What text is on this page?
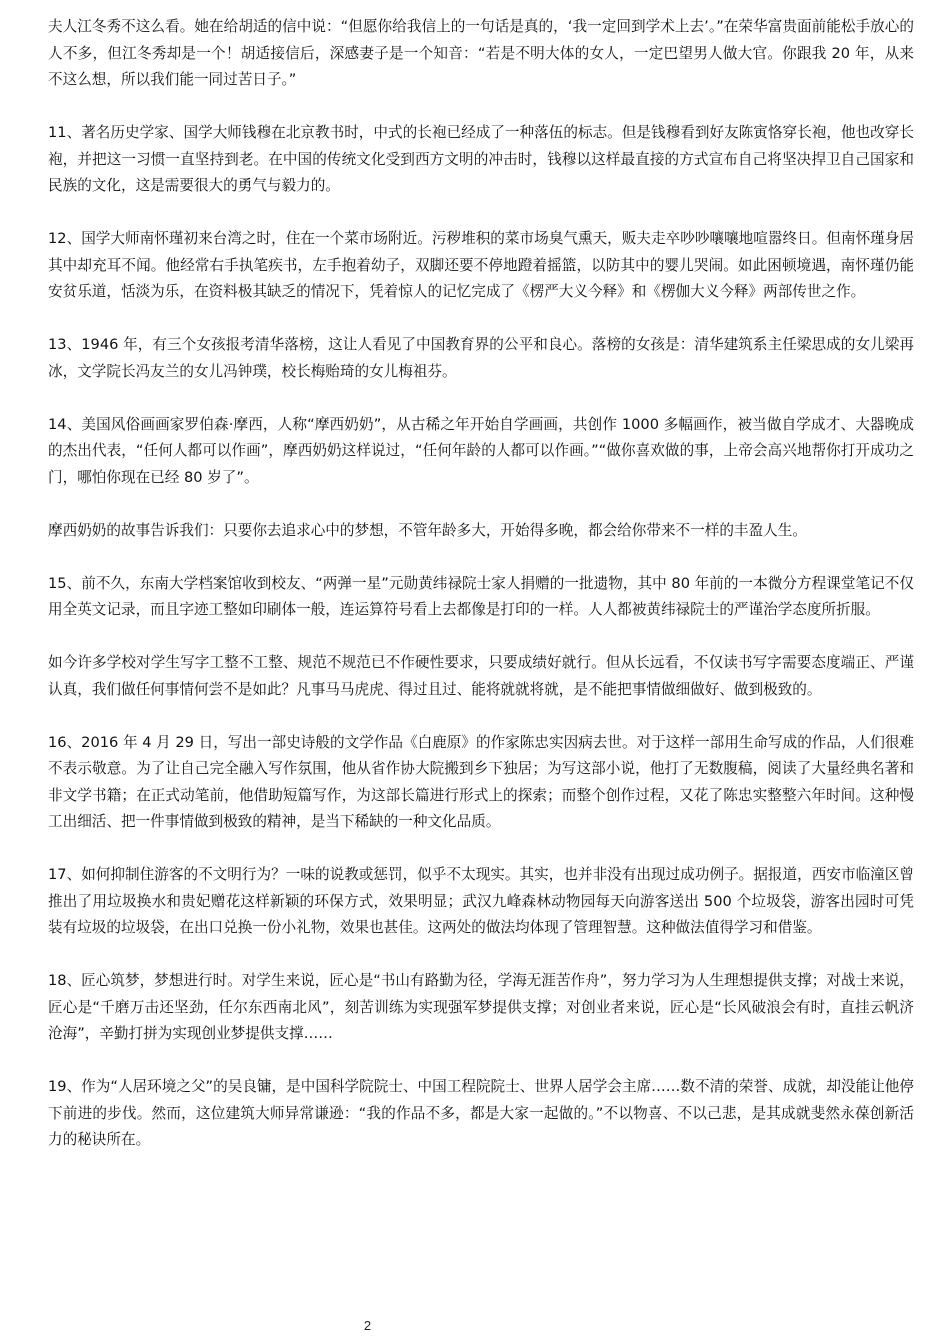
夫人江冬秀不这么看。她在给胡适的信中说：“但愿你给我信上的一句话是真的，‘我一定回到学术上去’。”在荣华富贵面前能松手放心的人不多，但江冬秀却是一个！胡适接信后，深感妻子是一个知音：“若是不明大体的女人，一定巴望男人做大官。你跟我 20 年，从来不这么想，所以我们能一同过苦日子。”

11、著名历史学家、国学大师钱穆在北京教书时，中式的长袍已经成了一种落伍的标志。但是钱穆看到好友陈寅恪穿长袍，他也改穿长袍，并把这一习惯一直坚持到老。在中国的传统文化受到西方文明的冲击时，钱穆以这样最直接的方式宣布自己将坚决捍卫自己国家和民族的文化，这是需要很大的勇气与毅力的。

12、国学大师南怀瑾初来台湾之时，住在一个菜市场附近。污秽堆积的菜市场臭气熏天，贩夫走卒吵吵嚷嚷地喧嚣终日。但南怀瑾身居其中却充耳不闻。他经常右手执笔疾书，左手抱着幼子，双脚还要不停地蹬着摇篮，以防其中的婴儿哭闹。如此困顿境遇，南怀瑾仍能安贫乐道，恬淡为乐，在资料极其缺乏的情况下，凭着惊人的记忆完成了《楞严大义今释》和《楞伽大义今释》两部传世之作。

13、1946 年，有三个女孩报考清华落榜，这让人看见了中国教育界的公平和良心。落榜的女孩是：清华建筑系主任梁思成的女儿梁再冰，文学院长冯友兰的女儿冯钟璞，校长梅贻琦的女儿梅祖芬。

14、美国风俗画画家罗伯森·摩西，人称“摩西奶奶”，从古稀之年开始自学画画，共创作 1000 多幅画作，被当做自学成才、大器晚成的杰出代表，“任何人都可以作画”，摩西奶奶这样说过，“任何年龄的人都可以作画。”“做你喜欢做的事，上帝会高兴地帮你打开成功之门，哪怕你现在已经 80 岁了”。

摩西奶奶的故事告诉我们：只要你去追求心中的梦想，不管年龄多大，开始得多晚，都会给你带来不一样的丰盈人生。

15、前不久，东南大学档案馆收到校友、“两弹一星”元勋黄纬禄院士家人捐赠的一批遗物，其中 80 年前的一本微分方程课堂笔记不仅用全英文记录，而且字迹工整如印刷体一般，连运算符号看上去都像是打印的一样。人人都被黄纬禄院士的严谨治学态度所折服。

如今许多学校对学生写字工整不工整、规范不规范已不作硬性要求，只要成绩好就行。但从长远看，不仅读书写字需要态度端正、严谨认真，我们做任何事情何尝不是如此？凡事马马虎虎、得过且过、能将就就将就，是不能把事情做细做好、做到极致的。

16、2016 年 4 月 29 日，写出一部史诗般的文学作品《白鹿原》的作家陈忠实因病去世。对于这样一部用生命写成的作品，人们很难不表示敬意。为了让自己完全融入写作氛围，他从省作协大院搬到乡下独居；为写这部小说，他打了无数腹稿，阅读了大量经典名著和非文学书籍；在正式动笔前，他借助短篇写作，为这部长篇进行形式上的探索；而整个创作过程，又花了陈忠实整整六年时间。这种慢工出细活、把一件事情做到极致的精神，是当下稀缺的一种文化品质。

17、如何抑制住游客的不文明行为？一味的说教或惩罚，似乎不太现实。其实，也并非没有出现过成功例子。据报道，西安市临潼区曾推出了用垃圾换水和贵妃赠花这样新颖的环保方式，效果明显；武汉九峰森林动物园每天向游客送出 500 个垃圾袋，游客出园时可凭装有垃圾的垃圾袋，在出口兑换一份小礼物，效果也甚佳。这两处的做法均体现了管理智慧。这种做法值得学习和借鉴。

18、匠心筑梦，梦想进行时。对学生来说，匠心是“书山有路勤为径，学海无涯苦作舟”，努力学习为人生理想提供支撑；对战士来说，匠心是“千磨万击还坚劲，任尔东西南北风”，刻苦训练为实现强军梦提供支撑；对创业者来说，匠心是“长风破浪会有时，直挂云帆济沧海”，辛勤打拼为实现创业梦提供支撑……

19、作为“人居环境之父”的吴良镛，是中国科学院院士、中国工程院院士、世界人居学会主席……数不清的荣誉、成就，却没能让他停下前进的步伐。然而，这位建筑大师异常谦逊：“我的作品不多，都是大家一起做的。”不以物喜、不以己悲，是其成就斐然永葆创新活力的秘诀所在。

2
